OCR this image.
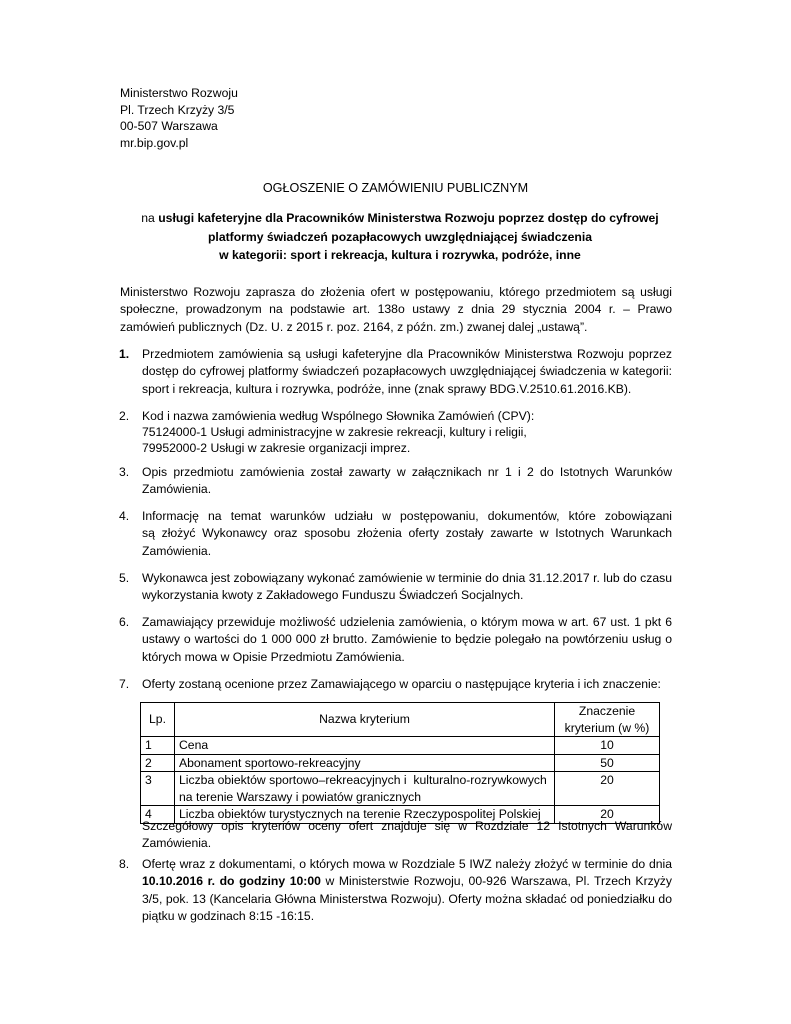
Ministerstwo Rozwoju
Pl. Trzech Krzyży 3/5
00-507 Warszawa
mr.bip.gov.pl
OGŁOSZENIE O ZAMÓWIENIU PUBLICZNYM
na usługi kafeteryjne dla Pracowników Ministerstwa Rozwoju poprzez dostęp do cyfrowej
platformy świadczeń pozapłacowych uwzględniającej świadczenia
w kategorii: sport i rekreacja, kultura i rozrywka, podróże, inne
Ministerstwo Rozwoju zaprasza do złożenia ofert w postępowaniu, którego przedmiotem są usługi
społeczne, prowadzonym na podstawie art. 138o ustawy z dnia 29 stycznia 2004 r. – Prawo
zamówień publicznych (Dz. U. z 2015 r. poz. 2164, z późn. zm.) zwanej dalej „ustawą”.
1.	Przedmiotem zamówienia są usługi kafeteryjne dla Pracowników Ministerstwa Rozwoju poprzez
dostęp do cyfrowej platformy świadczeń pozapłacowych uwzględniającej świadczenia w kategorii:
sport i rekreacja, kultura i rozrywka, podróże, inne (znak sprawy BDG.V.2510.61.2016.KB).
2.	Kod i nazwa zamówienia według Wspólnego Słownika Zamówień (CPV):
75124000-1 Usługi administracyjne w zakresie rekreacji, kultury i religii,
79952000-2 Usługi w zakresie organizacji imprez.
3.	Opis przedmiotu zamówienia został zawarty w załącznikach nr 1 i 2 do Istotnych Warunków
Zamówienia.
4.	Informację na temat warunków udziału w postępowaniu, dokumentów, które zobowiązani
są złożyć Wykonawcy oraz sposobu złożenia oferty zostały zawarte w Istotnych Warunkach
Zamówienia.
5.	Wykonawca jest zobowiązany wykonać zamówienie w terminie do dnia 31.12.2017 r. lub do czasu
wykorzystania kwoty z Zakładowego Funduszu Świadczeń Socjalnych.
6.	Zamawiający przewiduje możliwość udzielenia zamówienia, o którym mowa w art. 67 ust. 1 pkt 6
ustawy o wartości do 1 000 000 zł brutto. Zamówienie to będzie polegało na powtórzeniu usług o
których mowa w Opisie Przedmiotu Zamówienia.
7.	Oferty zostaną ocenione przez Zamawiającego w oparciu o następujące kryteria i ich znaczenie:
Lp.	Nazwa kryterium	Znaczenie
kryterium (w %)

1	Cena	10
2	Abonament sportowo-rekreacyjny	50
3	Liczba obiektów sportowo–rekreacyjnych i  kulturalno-rozrywkowych
na terenie Warszawy i powiatów granicznych	20
4	Liczba obiektów turystycznych na terenie Rzeczypospolitej Polskiej	20
Szczegółowy opis kryteriów oceny ofert znajduje się w Rozdziale 12 Istotnych Warunków
Zamówienia.
8.	Ofertę wraz z dokumentami, o których mowa w Rozdziale 5 IWZ należy złożyć w terminie do dnia
10.10.2016 r. do godziny 10:00 w Ministerstwie Rozwoju, 00-926 Warszawa, Pl. Trzech Krzyży
3/5, pok. 13 (Kancelaria Główna Ministerstwa Rozwoju). Oferty można składać od poniedziałku do
piątku w godzinach 8:15 -16:15.
